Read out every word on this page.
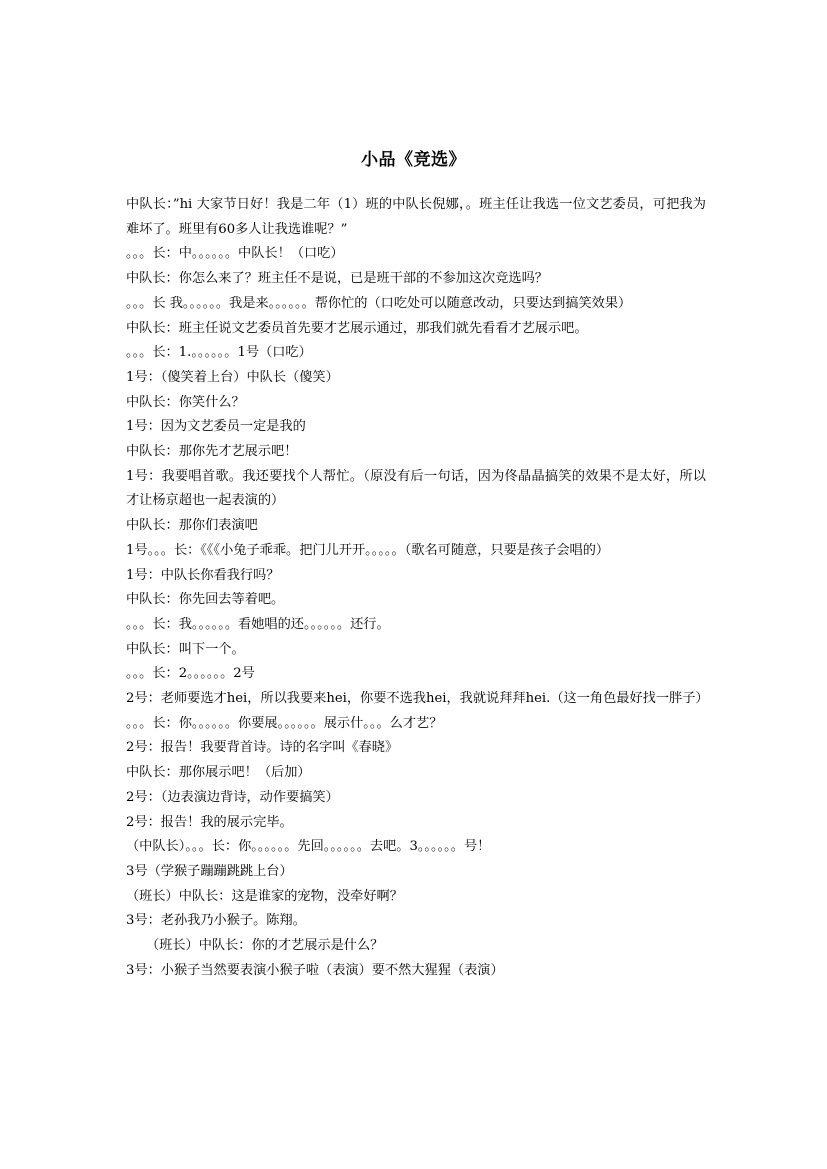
小品《竞选》

中队长：”hi 大家节日好！我是二年（1）班的中队长倪娜，。班主任让我选一位文艺委员，可把我为难坏了。班里有60多人让我选谁呢？”

。。。长：中。。。。。。中队长！（口吃）

中队长：你怎么来了？班主任不是说，已是班干部的不参加这次竞选吗？

。。。长 我。。。。。。我是来。。。。。。帮你忙的（口吃处可以随意改动，只要达到搞笑效果）

中队长：班主任说文艺委员首先要才艺展示通过，那我们就先看看才艺展示吧。

。。。长：1.。。。。。。1号（口吃）

1号：（傻笑着上台）中队长（傻笑）

中队长：你笑什么？

1号：因为文艺委员一定是我的

中队长：那你先才艺展示吧！

1号：我要唱首歌。我还要找个人帮忙。（原没有后一句话，因为佟晶晶搞笑的效果不是太好，所以才让杨京超也一起表演的）

中队长：那你们表演吧

1号。。。长：《《《小兔子乖乖。把门儿开开。。。。。（歌名可随意，只要是孩子会唱的）

1号：中队长你看我行吗？

中队长：你先回去等着吧。

。。。长：我。。。。。。看她唱的还。。。。。。还行。

中队长：叫下一个。

。。。长：2。。。。。。2号

2号：老师要选才hei，所以我要来hei，你要不选我hei，我就说拜拜hei.（这一角色最好找一胖子）

。。。长：你。。。。。。你要展。。。。。。展示什。。。么才艺？

2号：报告！我要背首诗。诗的名字叫《春晓》

中队长：那你展示吧！（后加）

2号：（边表演边背诗，动作要搞笑）

2号：报告！我的展示完毕。

（中队长）。。。长：你。。。。。。先回。。。。。。去吧。3。。。。。。号！

3号（学猴子蹦蹦跳跳上台）

（班长）中队长：这是谁家的宠物，没牵好啊？

3号：老孙我乃小猴子。陈翔。

（班长）中队长：你的才艺展示是什么？

3号：小猴子当然要表演小猴子啦（表演）要不然大猩猩（表演）
